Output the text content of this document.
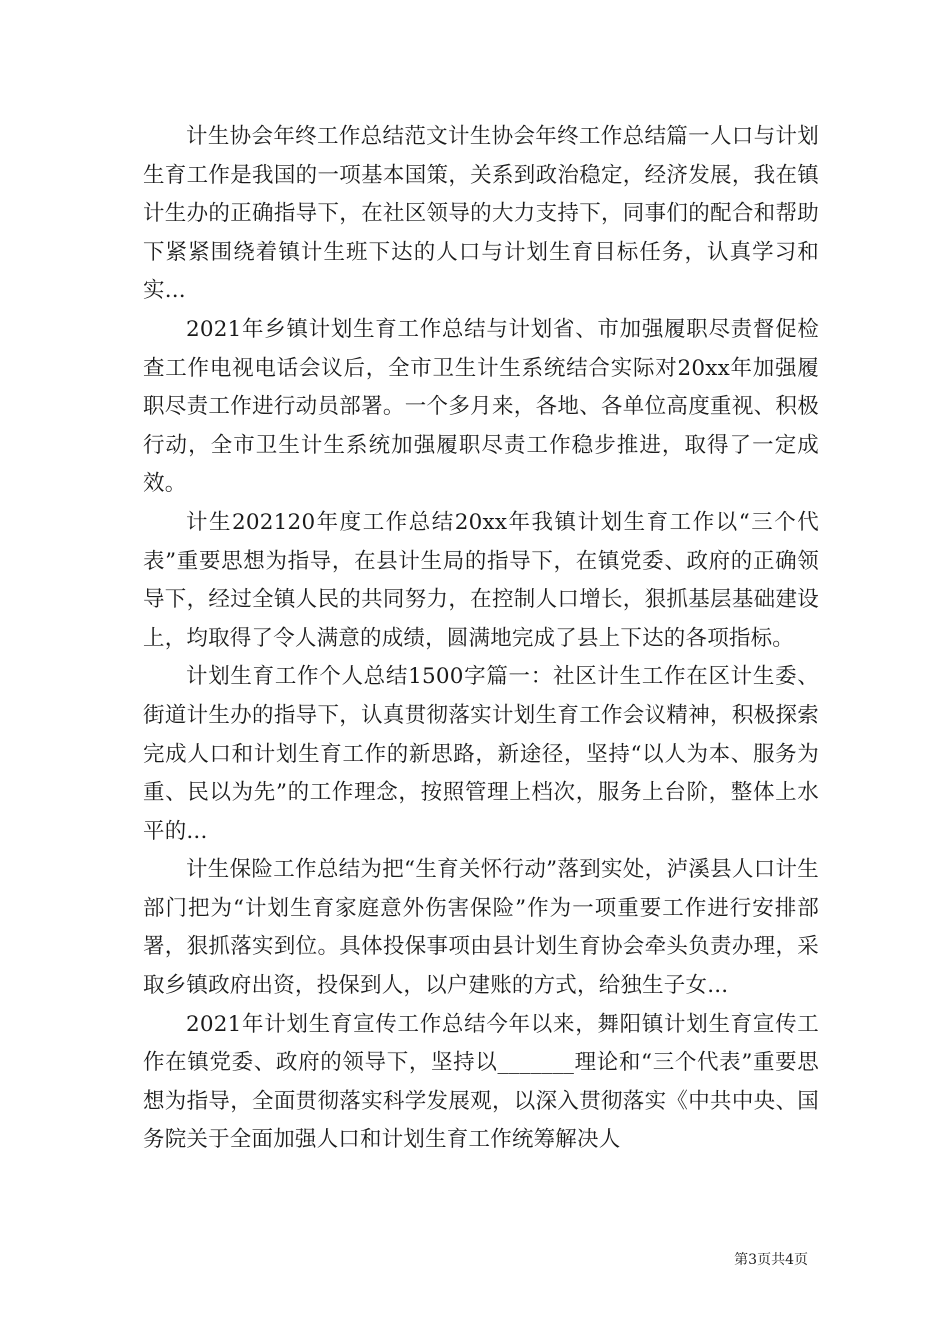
计生协会年终工作总结范文计生协会年终工作总结篇一人口与计划生育工作是我国的一项基本国策，关系到政治稳定，经济发展，我在镇计生办的正确指导下，在社区领导的大力支持下，同事们的配合和帮助下紧紧围绕着镇计生班下达的人口与计划生育目标任务，认真学习和实...

2021年乡镇计划生育工作总结与计划省、市加强履职尽责督促检查工作电视电话会议后，全市卫生计生系统结合实际对20xx年加强履职尽责工作进行动员部署。一个多月来，各地、各单位高度重视、积极行动，全市卫生计生系统加强履职尽责工作稳步推进，取得了一定成效。

计生202120年度工作总结20xx年我镇计划生育工作以“三个代表”重要思想为指导，在县计生局的指导下，在镇党委、政府的正确领导下，经过全镇人民的共同努力，在控制人口增长，狠抓基层基础建设上，均取得了令人满意的成绩，圆满地完成了县上下达的各项指标。

计划生育工作个人总结1500字篇一：社区计生工作在区计生委、街道计生办的指导下，认真贯彻落实计划生育工作会议精神，积极探索完成人口和计划生育工作的新思路，新途径，坚持“以人为本、服务为重、民以为先”的工作理念，按照管理上档次，服务上台阶，整体上水平的...

计生保险工作总结为把“生育关怀行动”落到实处，泸溪县人口计生部门把为“计划生育家庭意外伤害保险”作为一项重要工作进行安排部署，狠抓落实到位。具体投保事项由县计划生育协会牵头负责办理，采取乡镇政府出资，投保到人，以户建账的方式，给独生子女...

2021年计划生育宣传工作总结今年以来，舞阳镇计划生育宣传工作在镇党委、政府的领导下，坚持以_______理论和“三个代表”重要思想为指导，全面贯彻落实科学发展观，以深入贯彻落实《中共中央、国务院关于全面加强人口和计划生育工作统筹解决人

第3页共4页
